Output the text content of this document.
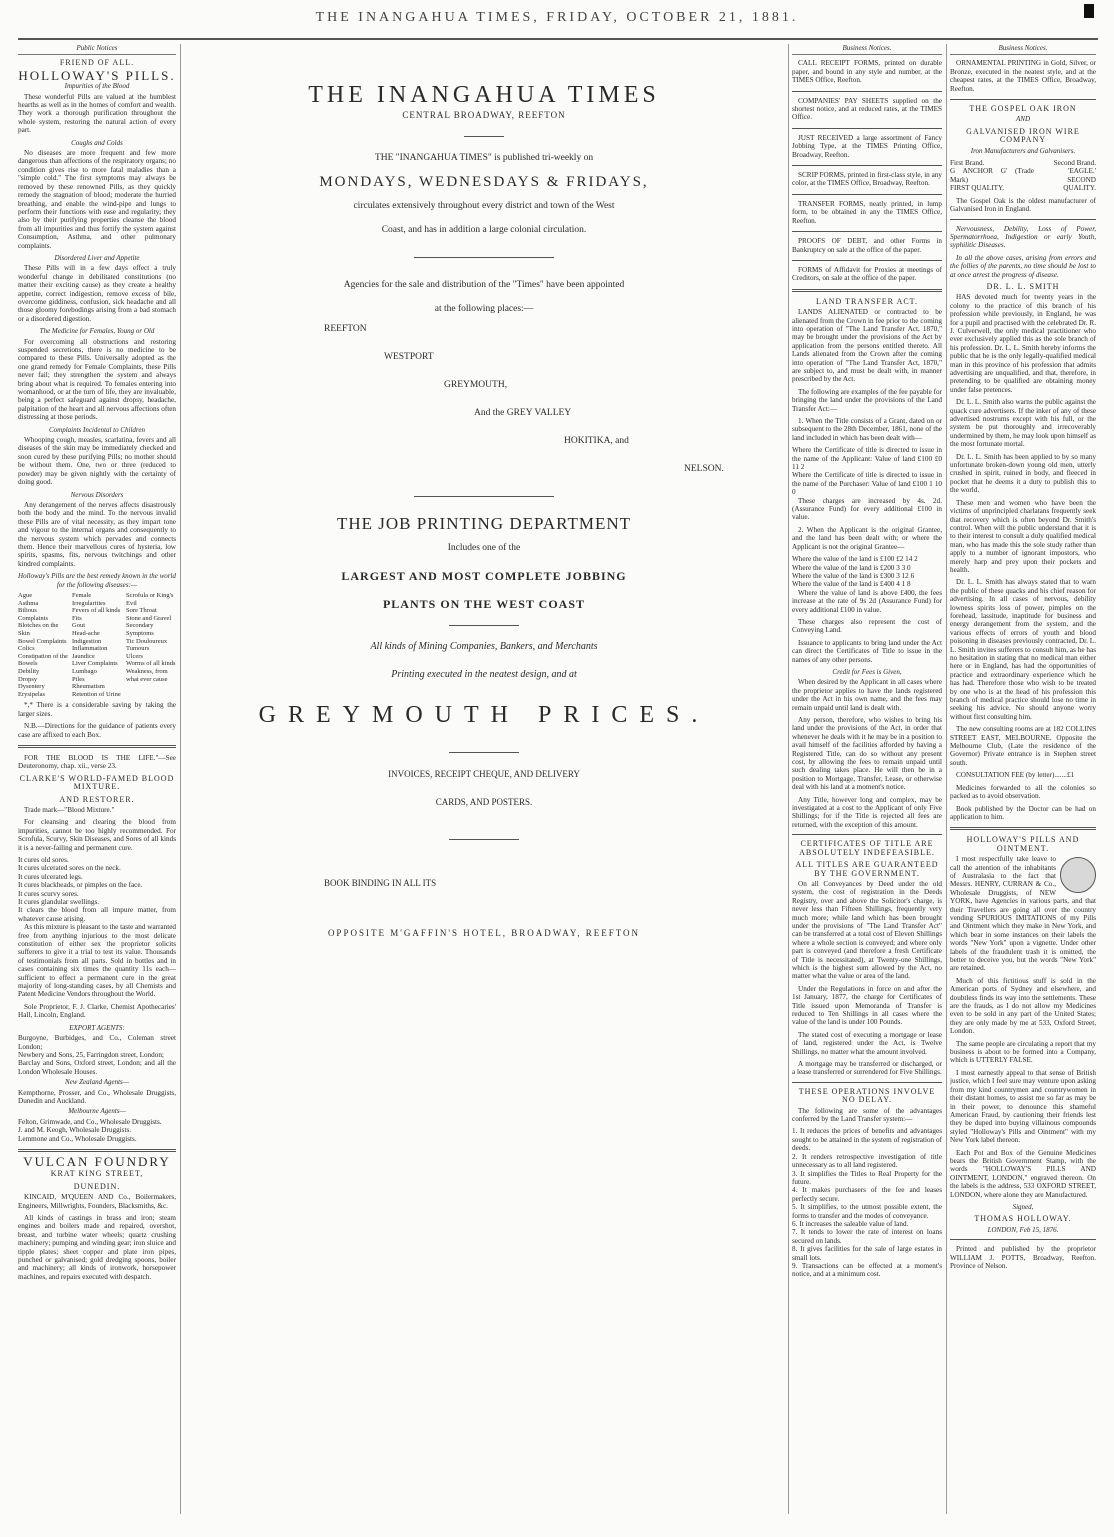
THE INANGAHUA TIMES, FRIDAY, OCTOBER 21, 1881.
Public Notices
FRIEND OF ALL.
HOLLOWAY'S PILLS.
Impurities of the Blood

These wonderful Pills are valued at the humblest hearths as well as in the homes of comfort and wealth. They work a thorough purification throughout the whole system, restoring the natural action of every part.

Coughs and Colds

No diseases are more frequent and few more dangerous than affections of the respiratory organs; no condition gives rise to more fatal maladies than a "simple cold." The first symptoms may always be removed by these renowned Pills, as they quickly remedy the stagnation of blood; moderate the hurried breathing, and enable the wind-pipe and lungs to perform their functions with ease and regularity; they also by their purifying properties cleanse the blood from all impurities and thus fortify the system against Consumption, Asthma, and other pulmonary complaints.

Disordered Liver and Appetite

These Pills will in a few days effect a truly wonderful change in debilitated constitutions (no matter their exciting cause) as they create a healthy appetite, correct indigestion, remove excess of bile, overcome giddiness, confusion, sick headache and all those gloomy forebodings arising from a bad stomach or a disordered digestion.

The Medicine for Females, Young or Old

For overcoming all obstructions and restoring suspended secretions, there is no medicine to be compared to these Pills. Universally adopted as the one grand remedy for Female Complaints, these Pills never fail; they strengthen the system and always bring about what is required. To females entering into womanhood, or at the turn of life, they are invaluable, being a perfect safeguard against dropsy, headache, palpitation of the heart and all nervous affections often distressing at those periods.

Complaints Incidental to Children

Whooping cough, measles, scarlatina, fevers and all diseases of the skin may be immediately checked and soon cured by these purifying Pills; no mother should be without them. One, two or three (reduced to powder) may be given nightly with the certainty of doing good.

Nervous Disorders

Any derangement of the nerves affects disastrously both the body and the mind. To the nervous invalid these Pills are of vital necessity, as they impart tone and vigour to the internal organs and consequently to the nervous system which pervades and connects them. Hence their marvellous cures of hysteria, low spirits, spasms, fits, nervous twitchings and other kindred complaints.

Holloway's Pills are the best remedy known in the world for the following diseases:—
Ague
Asthma
Bilious Complaints
Blotches on the Skin
Bowel Complaints
Colics
Constipation of the Bowels
Debility
Dropsy
Dysentery
Erysipelas
Female Irregularities
Fevers of all kinds
Fits
Gout
Head-ache
Indigestion
Inflammation
Jaundice
Liver Complaints
Lumbago
Piles
Rheumatism
Retention of Urine
Scrofula or King's Evil
Sore Throat
Stone and Gravel
Secondary Symptoms
Tic Douloureux
Tumours
Ulcers
Worms of all kinds
Weakness, from what ever cause

*,* There is a considerable saving by taking the larger sizes.

N.B.—Directions for the guidance of patients every case are affixed to each Box.

FOR THE BLOOD IS THE LIFE."—See Deuteronomy, chap. xii., verse 23.

CLARKE'S WORLD-FAMED BLOOD MIXTURE.
AND RESTORER.

Trade mark—"Blood Mixture."

For cleansing and clearing the blood from impurities, cannot be too highly recommended. For Scrofula, Scurvy, Skin Diseases, and Sores of all kinds it is a never-failing and permanent cure.

It cures old sores.
It cures ulcerated sores on the neck.
It cures ulcerated legs.
It cures blackheads, or pimples on the face.
It cures scurvy sores.
It cures glandular swellings.
It clears the blood from all impure matter, from whatever cause arising.

As this mixture is pleasant to the taste and warranted free from anything injurious to the most delicate constitution of either sex the proprietor solicits sufferers to give it a trial to test its value. Thousands of testimonials from all parts. Sold in bottles and in cases containing six times the quantity 11s each—sufficient to effect a permanent cure in the great majority of long-standing cases, by all Chemists and Patent Medicine Vendors throughout the World.

Sole Proprietor, F. J. Clarke, Chemist Apothecaries' Hall, Lincoln, England.

EXPORT AGENTS:
Burgoyne, Burbidges, and Co., Coleman street London;
Newbery and Sons, 25, Farringdon street, London;
Barclay and Sons, Oxford street, London; and all the London Wholesale Houses.
New Zealand Agents—
Kempthorne, Prosser, and Co., Wholesale Druggists, Dunedin and Auckland.
Melbourne Agents—
Felton, Grimwade, and Co., Wholesale Druggists.
J. and M. Keogh, Wholesale Druggists.
Lemmone and Co., Wholesale Druggists.
VULCAN FOUNDRY
KRAT KING STREET,
DUNEDIN.

KINCAID, M'QUEEN AND Co., Boilermakers, Engineers, Millwrights, Founders, Blacksmiths, &c.

All kinds of castings in brass and iron; steam engines and boilers made and repaired, overshot, breast, and turbine water wheels; quartz crushing machinery; pumping and winding gear; iron sluice and tipple plates; sheet copper and plate iron pipes, punched or galvanised; gold dredging spoons, boiler and machinery; all kinds of ironwork, horsepower machines, and repairs executed with despatch.

THE INANGAHUA TIMES
CENTRAL BROADWAY, REEFTON
THE "INANGAHUA TIMES" is published tri-weekly on
MONDAYS, WEDNESDAYS & FRIDAYS,
circulates extensively throughout every district and town of the West
Coast, and has in addition a large colonial circulation.
Agencies for the sale and distribution of the "Times" have been appointed
at the following places:—
REEFTON
WESTPORT
GREYMOUTH,
And the GREY VALLEY
HOKITIKA, and
NELSON.
THE JOB PRINTING DEPARTMENT
Includes one of the
LARGEST AND MOST COMPLETE JOBBING
PLANTS ON THE WEST COAST
All kinds of Mining Companies, Bankers, and Merchants
Printing executed in the neatest design, and at
GREYMOUTH PRICES.
INVOICES, RECEIPT CHEQUE, AND DELIVERY
CARDS, AND POSTERS.
BOOK BINDING IN ALL ITS
OPPOSITE M'GAFFIN'S HOTEL, BROADWAY, REEFTON
Business Notices.

CALL RECEIPT FORMS, printed on durable paper, and bound in any style and number, at the TIMES Office, Reefton.

COMPANIES' PAY SHEETS supplied on the shortest notice, and at reduced rates, at the TIMES Office.

JUST RECEIVED a large assortment of Fancy Jobbing Type, at the TIMES Printing Office, Broadway, Reefton.

SCRIP FORMS, printed in first-class style, in any color, at the TIMES Office, Broadway, Reefton.

TRANSFER FORMS, neatly printed, in lump form, to be obtained in any the TIMES Office, Reefton.

PROOFS OF DEBT, and other Forms in Bankruptcy on sale at the office of the paper.

FORMS of Affidavit for Proxies at meetings of Creditors, on sale at the office of the paper.

LAND TRANSFER ACT.

LANDS ALIENATED or contracted to be alienated from the Crown in fee prior to the coming into operation of "The Land Transfer Act, 1870," may be brought under the provisions of the Act by application from the persons entitled thereto. All Lands alienated from the Crown after the coming into operation of "The Land Transfer Act, 1870," are subject to, and must be dealt with, in manner prescribed by the Act.

The following are examples of the fee payable for bringing the land under the provisions of the Land Transfer Act:—

1. When the Title consists of a Grant, dated on or subsequent to the 28th December, 1861, none of the land included in which has been dealt with—

Where the Certificate of title is directed to issue in the name of the Applicant: Value of land £100 £0 11 2
Where the Certificate of title is directed to issue in the name of the Purchaser: Value of land £100 1 10 0

These charges are increased by 4s. 2d. (Assurance Fund) for every additional £100 in value.

2. When the Applicant is the original Grantee, and the land has been dealt with; or where the Applicant is not the original Grantee—

Where the value of the land is £100 £2 14 2
Where the value of the land is £200 3 3 0
Where the value of the land is £300 3 12 6
Where the value of the land is £400 4 1 8

Where the value of land is above £400, the fees increase at the rate of 9s 2d (Assurance Fund) for every additional £100 in value.

These charges also represent the cost of Conveying Land.

Issuance to applicants to bring land under the Act can direct the Certificates of Title to issue in the names of any other persons.

Credit for Fees is Given,

When desired by the Applicant in all cases where the proprietor applies to have the lands registered under the Act in his own name, and the fees may remain unpaid until land is dealt with.

Any person, therefore, who wishes to bring his land under the provisions of the Act, in order that whenever he deals with it he may be in a position to avail himself of the facilities afforded by having a Registered Title, can do so without any present cost, by allowing the fees to remain unpaid until such dealing takes place. He will then be in a position to Mortgage, Transfer, Lease, or otherwise deal with his land at a moment's notice.

Any Title, however long and complex, may be investigated at a cost to the Applicant of only Five Shillings; for if the Title is rejected all fees are returned, with the exception of this amount.

CERTIFICATES OF TITLE ARE ABSOLUTELY INDEFEASIBLE.
ALL TITLES ARE GUARANTEED BY THE GOVERNMENT.

On all Conveyances by Deed under the old system, the cost of registration in the Deeds Registry, over and above the Solicitor's charge, is never less than Fifteen Shillings, frequently very much more; while land which has been brought under the provisions of "The Land Transfer Act" can be transferred at a total cost of Eleven Shillings where a whole section is conveyed; and where only part is conveyed (and therefore a fresh Certificate of Title is necessitated), at Twenty-one Shillings, which is the highest sum allowed by the Act, no matter what the value or area of the land.

Under the Regulations in force on and after the 1st January, 1877, the charge for Certificates of Title issued upon Memoranda of Transfer is reduced to Ten Shillings in all cases where the value of the land is under 100 Pounds.

The stated cost of executing a mortgage or lease of land, registered under the Act, is Twelve Shillings, no matter what the amount involved.

A mortgage may be transferred or discharged, or a lease transferred or surrendered for Five Shillings.

THESE OPERATIONS INVOLVE NO DELAY.

The following are some of the advantages conferred by the Land Transfer system:—

1. It reduces the prices of benefits and advantages sought to be attained in the system of registration of deeds.
2. It renders retrospective investigation of title unnecessary as to all land registered.
3. It simplifies the Titles to Real Property for the future.
4. It makes purchasers of the fee and leases perfectly secure.
5. It simplifies, to the utmost possible extent, the forms to transfer and the modes of conveyance.
6. It increases the saleable value of land.
7. It tends to lower the rate of interest on loans secured on lands.
8. It gives facilities for the sale of large estates in small lots.
9. Transactions can be effected at a moment's notice, and at a minimum cost.
Business Notices.

ORNAMENTAL PRINTING in Gold, Silver, or Bronze, executed in the neatest style, and at the cheapest rates, at the TIMES Office, Broadway, Reefton.

THE GOSPEL OAK IRON
AND
GALVANISED IRON WIRE COMPANY
Iron Manufacturers and Galvanisers.
First Brand.
G ANCHOR G' (Trade Mark)
FIRST QUALITY.
Second Brand.
'EAGLE.'
SECOND QUALITY.

The Gospel Oak is the oldest manufacturer of Galvanised Iron in England.

Nervousness, Debility, Loss of Power, Spermatorrhoea, Indigestion or early Youth, syphilitic Diseases.

In all the above cases, arising from errors and the follies of the parents, no time should be lost to at once arrest the progress of disease.

DR. L. L. SMITH

HAS devoted much for twenty years in the colony to the practice of this branch of his profession while previously, in England, he was for a pupil and practised with the celebrated Dr. R. J. Culverwell, the only medical practitioner who ever exclusively applied this as the sole branch of his profession. Dr. L. L. Smith hereby informs the public that he is the only legally-qualified medical man in this province of his profession that admits advertising are unqualified, and that, therefore, in pretending to be qualified are obtaining money under false pretences.

Dr. L. L. Smith also warns the public against the quack cure advertisers. If the inker of any of these advertised nostrums except with his full, or the system be put thoroughly and irrecoverably undermined by them, he may look upon himself as the most fortunate mortal.

Dr. L. L. Smith has been applied to by so many unfortunate broken-down young old men, utterly crushed in spirit, ruined in body, and fleeced in pocket that he deems it a duty to publish this to the world.

These men and women who have been the victims of unprincipled charlatans frequently seek that recovery which is often beyond Dr. Smith's control. When will the public understand that it is to their interest to consult a duly qualified medical man, who has made this the sole study rather than apply to a number of ignorant impostors, who merely harp and prey upon their pockets and health.

Dr. L. L. Smith has always stated that to warn the public of these quacks and his chief reason for advertising. In all cases of nervous, debility lowness spirits loss of power, pimples on the forehead, lassitude, inaptitude for business and energy derangement from the system, and the various effects of errors of youth and blood poisoning in diseases previously contracted, Dr. L. L. Smith invites sufferers to consult him, as he has no hesitation in stating that no medical man either here or in England, has had the opportunities of practice and extraordinary experience which he has had. Therefore those who wish to be treated by one who is at the head of his profession this branch of medical practice should lose no time in seeking his advice. No should anyone worry without first consulting him.

The new consulting rooms are at 182 COLLINS STREET EAST, MELBOURNE. Opposite the Melbourne Club, (Late the residence of the Governor) Private entrance is in Stephen street south.

CONSULTATION FEE (by letter).......£1

Medicines forwarded to all the colonies so packed as to avoid observation.

Book published by the Doctor can be had on application to him.

HOLLOWAY'S PILLS AND OINTMENT.

I most respectfully take leave to call the attention of the inhabitants of Australasia to the fact that Messrs. HENRY, CURRAN & Co., Wholesale Druggists, of NEW YORK, have Agencies in various parts, and that their Travellers are going all over the country vending SPURIOUS IMITATIONS of my Pills and Ointment which they make in New York, and which bear in some instances on their labels the words "New York" upon a vignette. Under other labels of the fraudulent trash it is omitted, the better to deceive you, but the words "New York" are retained.

Much of this fictitious stuff is sold in the American ports of Sydney and elsewhere, and doubtless finds its way into the settlements. These are the frauds, as I do not allow my Medicines even to be sold in any part of the United States; they are only made by me at 533, Oxford Street, London.

The same people are circulating a report that my business is about to be formed into a Company, which is UTTERLY FALSE.

I most earnestly appeal to that sense of British justice, which I feel sure may venture upon asking from my kind countrymen and countrywomen in their distant homes, to assist me so far as may be in their power, to denounce this shameful American Fraud, by cautioning their friends lest they be duped into buying villainous compounds styled "Holloway's Pills and Ointment" with my New York label thereon.

Each Pot and Box of the Genuine Medicines bears the British Government Stamp, with the words "HOLLOWAY'S PILLS AND OINTMENT, LONDON," engraved thereon. On the labels is the address, 533 OXFORD STREET, LONDON, where alone they are Manufactured.

Signed,
THOMAS HOLLOWAY.
LONDON, Feb 15, 1876.

Printed and published by the proprietor WILLIAM J. POTTS, Broadway, Reefton. Province of Nelson.
